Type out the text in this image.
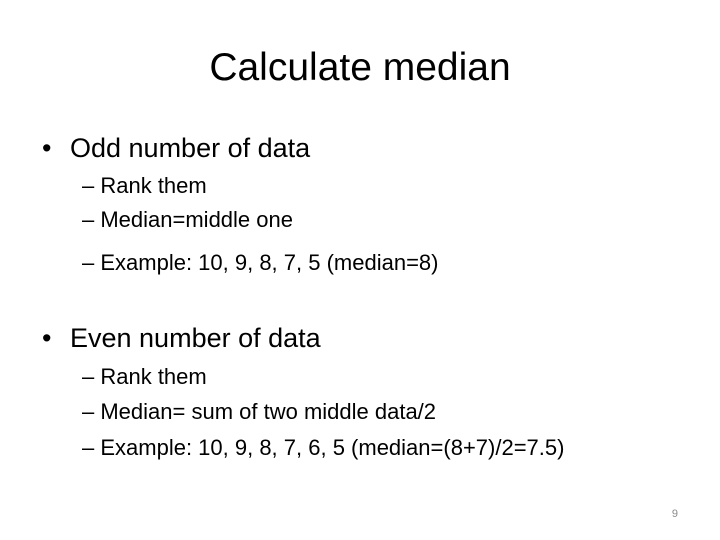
Calculate median
• Odd number of data
– Rank them
– Median=middle one
– Example: 10, 9, 8, 7, 5 (median=8)
• Even number of data
– Rank them
– Median= sum of two middle data/2
– Example: 10, 9, 8, 7, 6, 5 (median=(8+7)/2=7.5)
9
